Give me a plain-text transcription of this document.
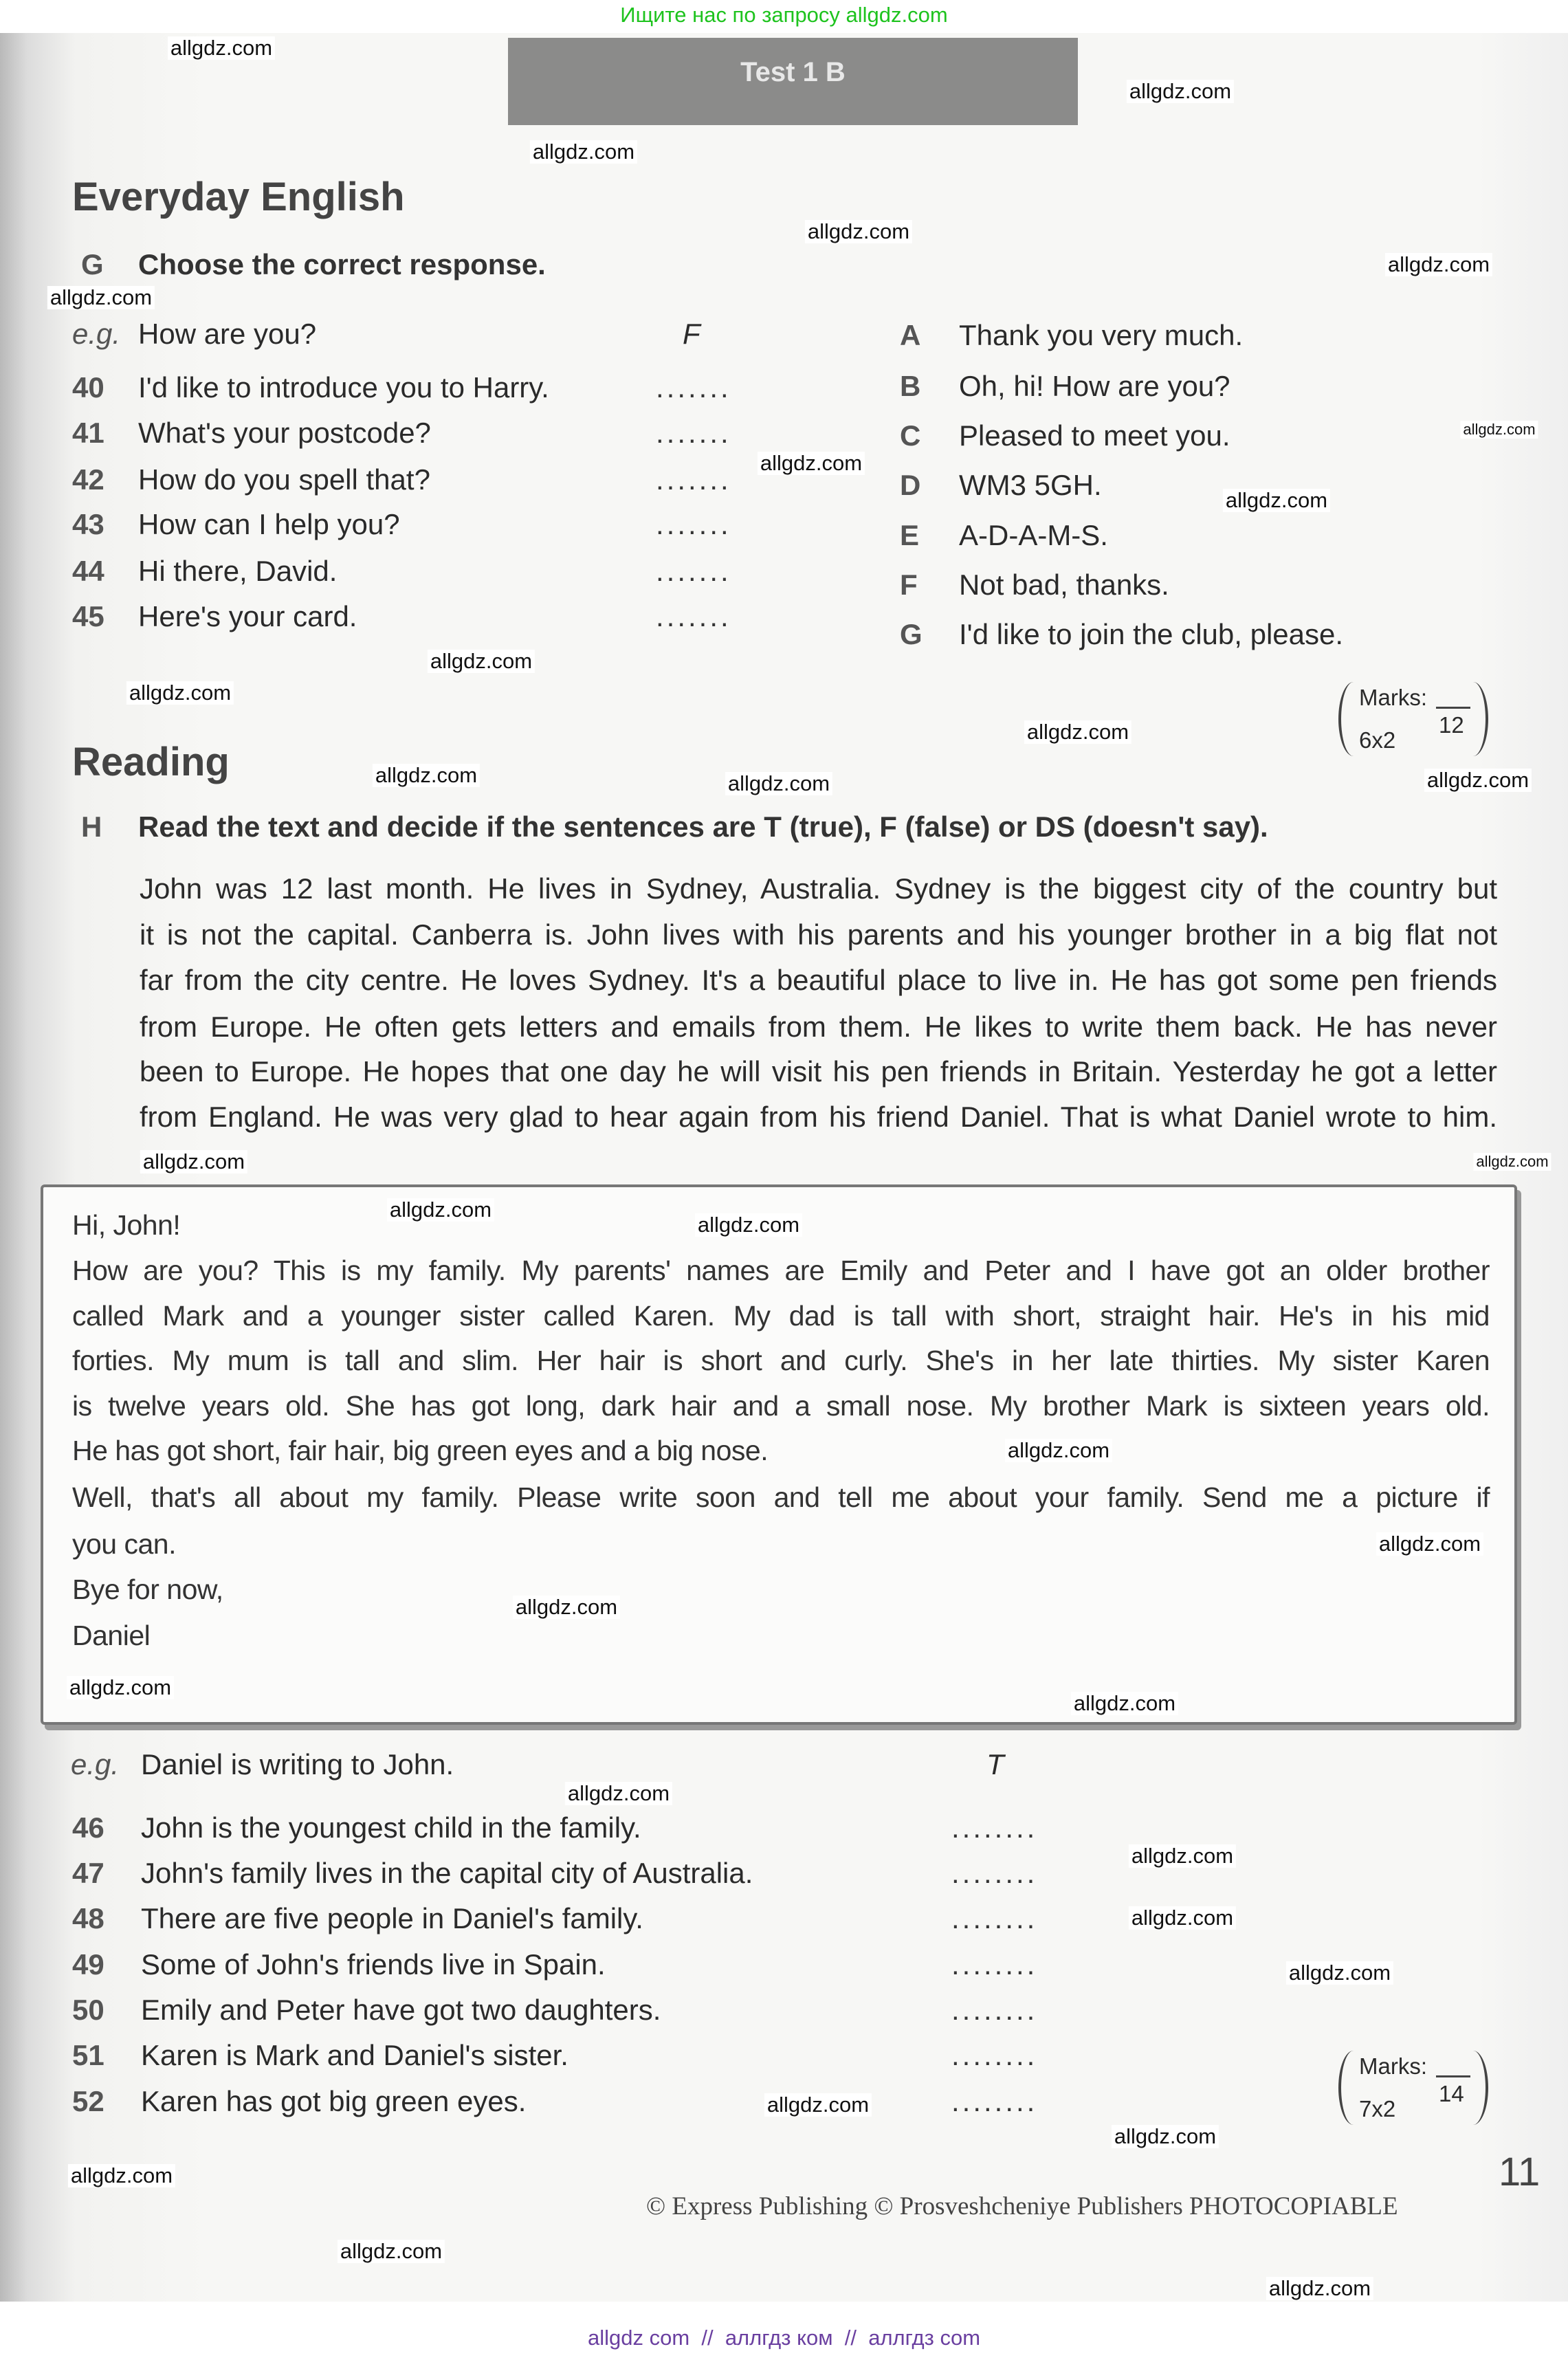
Ищите нас по запросу allgdz.com
Test 1 B
Everyday English
G Choose the correct response.
e.g. How are you?	F
40 I'd like to introduce you to Harry.	.......
41 What's your postcode?	.......
42 How do you spell that?	.......
43 How can I help you?	.......
44 Hi there, David.	.......
45 Here's your card.	.......
A Thank you very much.
B Oh, hi! How are you?
C Pleased to meet you.
D WM3 5GH.
E A-D-A-M-S.
F Not bad, thanks.
G I'd like to join the club, please.
Marks:
12
6x2
Reading
H Read the text and decide if the sentences are T (true), F (false) or DS (doesn't say).
John was 12 last month. He lives in Sydney, Australia. Sydney is the biggest city of the country but
it is not the capital. Canberra is. John lives with his parents and his younger brother in a big flat not
far from the city centre. He loves Sydney. It's a beautiful place to live in. He has got some pen friends
from Europe. He often gets letters and emails from them. He likes to write them back. He has never
been to Europe. He hopes that one day he will visit his pen friends in Britain. Yesterday he got a letter
from England. He was very glad to hear again from his friend Daniel. That is what Daniel wrote to him.
Hi, John!
How are you? This is my family. My parents' names are Emily and Peter and I have got an older brother
called Mark and a younger sister called Karen. My dad is tall with short, straight hair. He's in his mid
forties. My mum is tall and slim. Her hair is short and curly. She's in her late thirties. My sister Karen
is twelve years old. She has got long, dark hair and a small nose. My brother Mark is sixteen years old.
He has got short, fair hair, big green eyes and a big nose.
Well, that's all about my family. Please write soon and tell me about your family. Send me a picture if
you can.
Bye for now,
Daniel
e.g. Daniel is writing to John.	T
46 John is the youngest child in the family.	........
47 John's family lives in the capital city of Australia.	........
48 There are five people in Daniel's family.	........
49 Some of John's friends live in Spain.	........
50 Emily and Peter have got two daughters.	........
51 Karen is Mark and Daniel's sister.	........
52 Karen has got big green eyes.	........
Marks:
14
7x2
11
© Express Publishing © Prosveshcheniye Publishers PHOTOCOPIABLE
allgdz com  //  аллгдз ком  //  аллгдз com
allgdz.com
allgdz.com
allgdz.com
allgdz.com
allgdz.com
allgdz.com
allgdz.com
allgdz.com
allgdz.com
allgdz.com
allgdz.com
allgdz.com
allgdz.com	allgdz.com
allgdz.com
allgdz.com
allgdz.com
allgdz.com
allgdz.com
allgdz.com
allgdz.com
allgdz.com
allgdz.com
allgdz.com
allgdz.com
allgdz.com
allgdz.com
allgdz.com
allgdz.com
allgdz.com
allgdz.com
allgdz.com
allgdz.com
